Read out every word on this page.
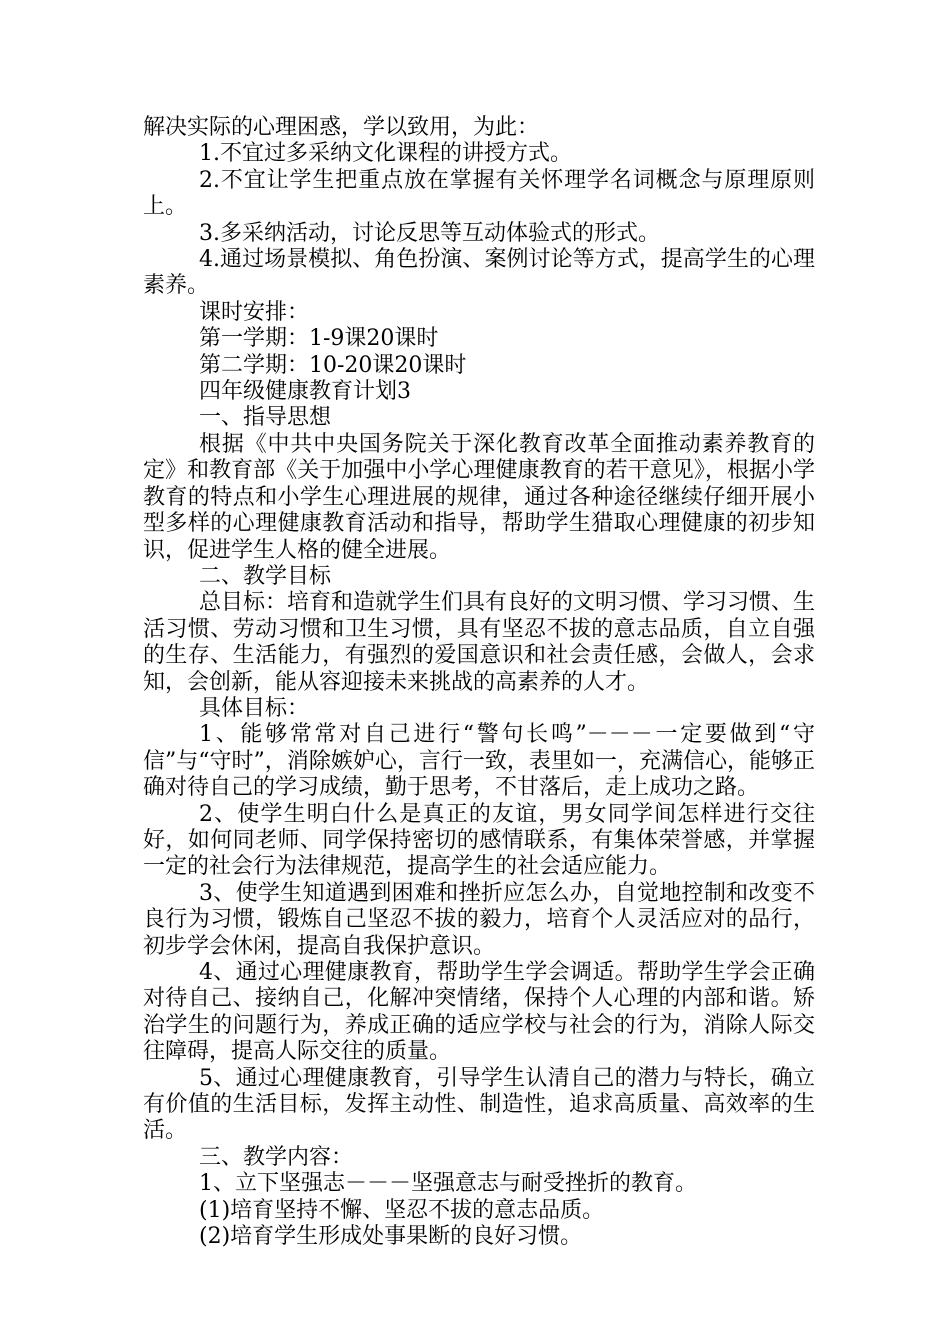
解决实际的心理困惑，学以致用，为此：

1.不宜过多采纳文化课程的讲授方式。

2.不宜让学生把重点放在掌握有关怀理学名词概念与原理原则上。

3.多采纳活动，讨论反思等互动体验式的形式。

4.通过场景模拟、角色扮演、案例讨论等方式，提高学生的心理素养。

课时安排：

第一学期：1-9课20课时

第二学期：10-20课20课时

四年级健康教育计划3

一、指导思想

根据《中共中央国务院关于深化教育改革全面推动素养教育的定》和教育部《关于加强中小学心理健康教育的若干意见》，根据小学教育的特点和小学生心理进展的规律，通过各种途径继续仔细开展小型多样的心理健康教育活动和指导，帮助学生猎取心理健康的初步知识，促进学生人格的健全进展。

二、教学目标

总目标：培育和造就学生们具有良好的文明习惯、学习习惯、生活习惯、劳动习惯和卫生习惯，具有坚忍不拔的意志品质，自立自强的生存、生活能力，有强烈的爱国意识和社会责任感，会做人，会求知，会创新，能从容迎接未来挑战的高素养的人才。

具体目标：

1、能够常常对自己进行“警句长鸣”－－－一定要做到“守信”与“守时”，消除嫉妒心，言行一致，表里如一，充满信心，能够正确对待自己的学习成绩，勤于思考，不甘落后，走上成功之路。

2、使学生明白什么是真正的友谊，男女同学间怎样进行交往好，如何同老师、同学保持密切的感情联系，有集体荣誉感，并掌握一定的社会行为法律规范，提高学生的社会适应能力。

3、使学生知道遇到困难和挫折应怎么办，自觉地控制和改变不良行为习惯，锻炼自己坚忍不拔的毅力，培育个人灵活应对的品行，初步学会休闲，提高自我保护意识。

4、通过心理健康教育，帮助学生学会调适。帮助学生学会正确对待自己、接纳自己，化解冲突情绪，保持个人心理的内部和谐。矫治学生的问题行为，养成正确的适应学校与社会的行为，消除人际交往障碍，提高人际交往的质量。

5、通过心理健康教育，引导学生认清自己的潜力与特长，确立有价值的生活目标，发挥主动性、制造性，追求高质量、高效率的生活。

三、教学内容：

1、立下坚强志－－－坚强意志与耐受挫折的教育。

(1)培育坚持不懈、坚忍不拔的意志品质。

(2)培育学生形成处事果断的良好习惯。
